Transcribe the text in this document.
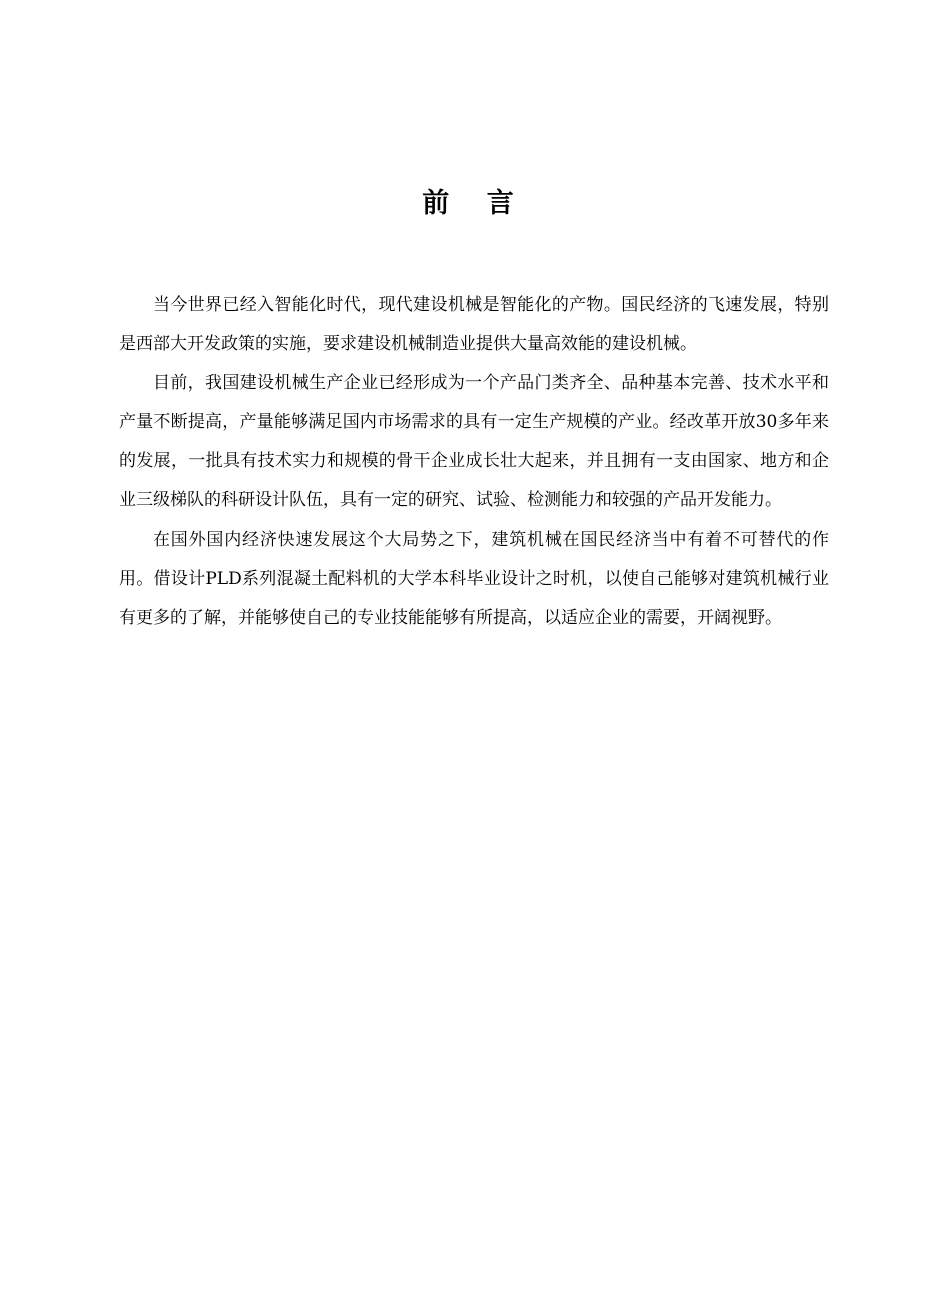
前 言

当今世界已经入智能化时代，现代建设机械是智能化的产物。国民经济的飞速发展，特别是西部大开发政策的实施，要求建设机械制造业提供大量高效能的建设机械。

目前，我国建设机械生产企业已经形成为一个产品门类齐全、品种基本完善、技术水平和产量不断提高，产量能够满足国内市场需求的具有一定生产规模的产业。经改革开放30多年来的发展，一批具有技术实力和规模的骨干企业成长壮大起来，并且拥有一支由国家、地方和企业三级梯队的科研设计队伍，具有一定的研究、试验、检测能力和较强的产品开发能力。

在国外国内经济快速发展这个大局势之下，建筑机械在国民经济当中有着不可替代的作用。借设计PLD系列混凝土配料机的大学本科毕业设计之时机，以使自己能够对建筑机械行业有更多的了解，并能够使自己的专业技能能够有所提高，以适应企业的需要，开阔视野。
